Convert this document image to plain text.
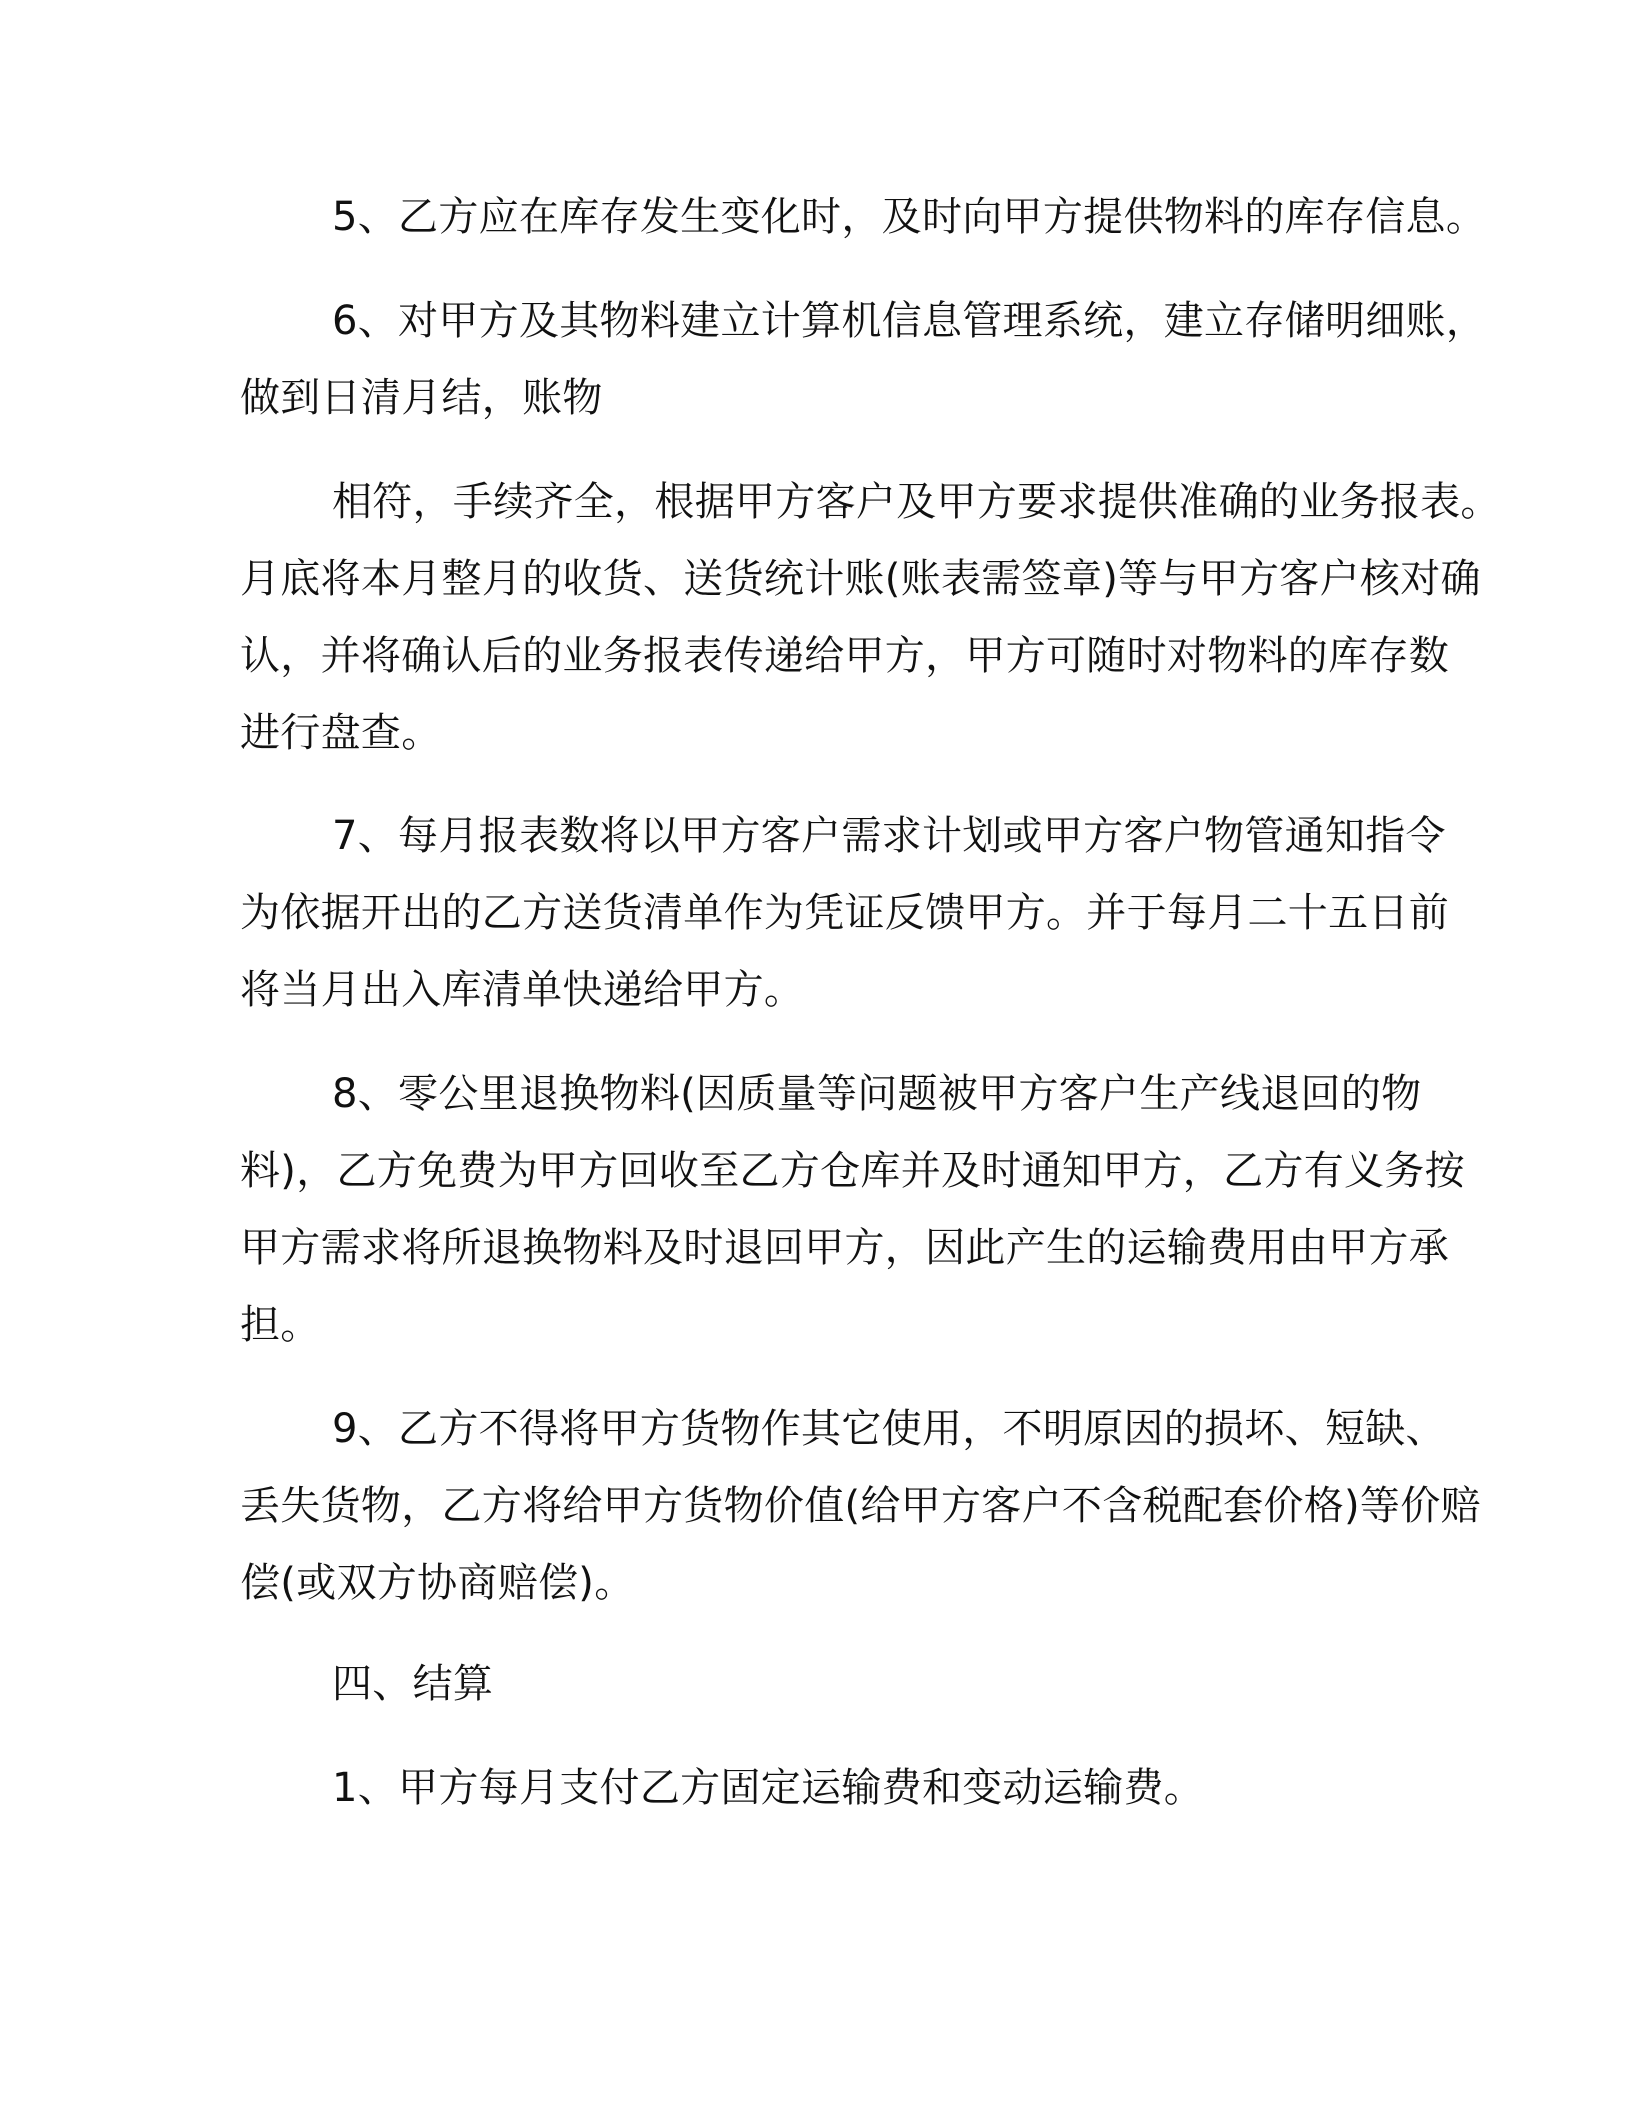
5、乙方应在库存发生变化时，及时向甲方提供物料的库存信息。
6、对甲方及其物料建立计算机信息管理系统，建立存储明细账，
做到日清月结，账物
相符，手续齐全，根据甲方客户及甲方要求提供准确的业务报表。
月底将本月整月的收货、送货统计账(账表需签章)等与甲方客户核对确
认，并将确认后的业务报表传递给甲方，甲方可随时对物料的库存数
进行盘查。
7、每月报表数将以甲方客户需求计划或甲方客户物管通知指令
为依据开出的乙方送货清单作为凭证反馈甲方。并于每月二十五日前
将当月出入库清单快递给甲方。
8、零公里退换物料(因质量等问题被甲方客户生产线退回的物
料)，乙方免费为甲方回收至乙方仓库并及时通知甲方，乙方有义务按
甲方需求将所退换物料及时退回甲方，因此产生的运输费用由甲方承
担。
9、乙方不得将甲方货物作其它使用，不明原因的损坏、短缺、
丢失货物，乙方将给甲方货物价值(给甲方客户不含税配套价格)等价赔
偿(或双方协商赔偿)。
四、结算
1、甲方每月支付乙方固定运输费和变动运输费。
